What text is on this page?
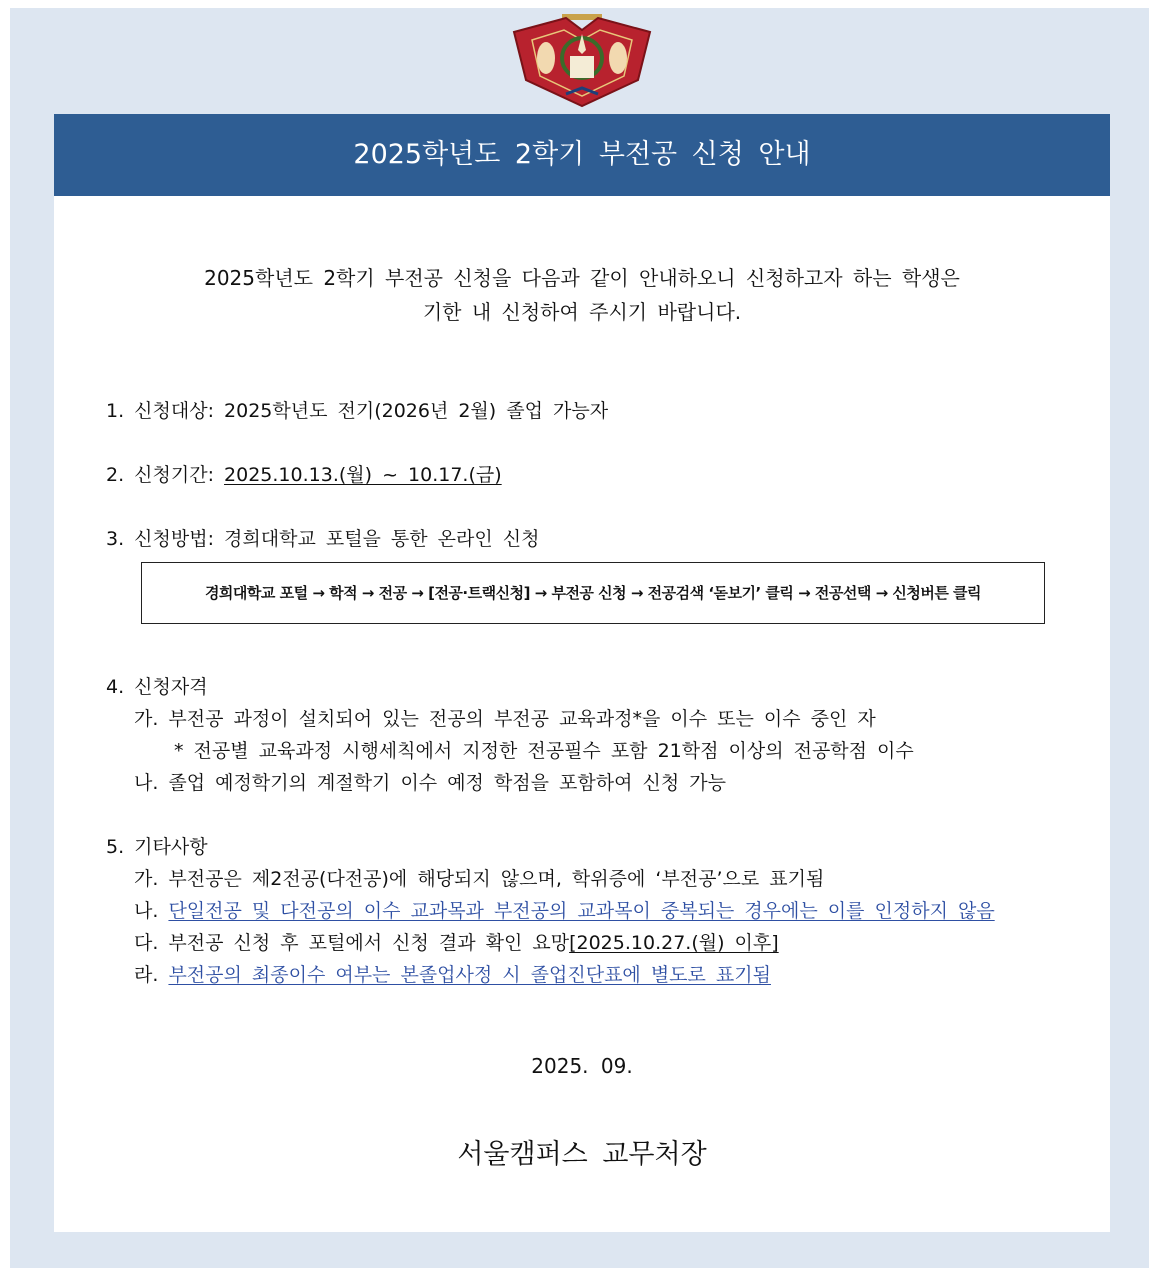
2025학년도 2학기 부전공 신청 안내
2025학년도 2학기 부전공 신청을 다음과 같이 안내하오니 신청하고자 하는 학생은
기한 내 신청하여 주시기 바랍니다.
1. 신청대상: 2025학년도 전기(2026년 2월) 졸업 가능자
2. 신청기간: 2025.10.13.(월) ~ 10.17.(금)
3. 신청방법: 경희대학교 포털을 통한 온라인 신청
경희대학교 포털 → 학적 → 전공 → [전공·트랙신청] → 부전공 신청 → 전공검색 ‘돋보기’ 클릭 → 전공선택 → 신청버튼 클릭
4. 신청자격
가. 부전공 과정이 설치되어 있는 전공의 부전공 교육과정*을 이수 또는 이수 중인 자
* 전공별 교육과정 시행세칙에서 지정한 전공필수 포함 21학점 이상의 전공학점 이수
나. 졸업 예정학기의 계절학기 이수 예정 학점을 포함하여 신청 가능
5. 기타사항
가. 부전공은 제2전공(다전공)에 해당되지 않으며, 학위증에 ‘부전공’으로 표기됨
나. 단일전공 및 다전공의 이수 교과목과 부전공의 교과목이 중복되는 경우에는 이를 인정하지 않음
다. 부전공 신청 후 포털에서 신청 결과 확인 요망[2025.10.27.(월) 이후]
라. 부전공의 최종이수 여부는 본졸업사정 시 졸업진단표에 별도로 표기됨
2025. 09.
서울캠퍼스 교무처장
